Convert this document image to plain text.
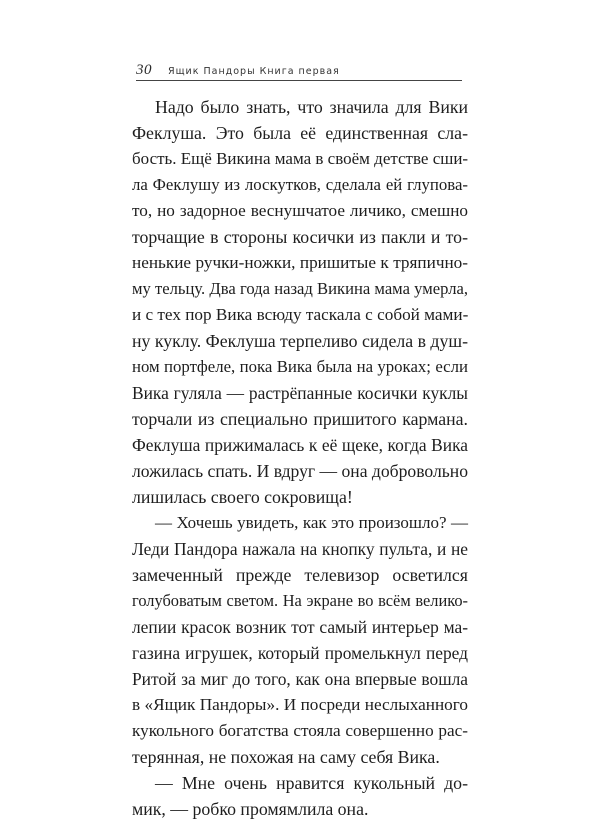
30 Ящик Пандоры Книга первая
Надо было знать, что значила для Вики
Феклуша. Это была её единственная сла-
бость. Ещё Викина мама в своём детстве сши-
ла Феклушу из лоскутков, сделала ей глупова-
то, но задорное веснушчатое личико, смешно
торчащие в стороны косички из пакли и то-
ненькие ручки-ножки, пришитые к тряпично-
му тельцу. Два года назад Викина мама умерла,
и с тех пор Вика всюду таскала с собой мами-
ну куклу. Феклуша терпеливо сидела в душ-
ном портфеле, пока Вика была на уроках; если
Вика гуляла — растрёпанные косички куклы
торчали из специально пришитого кармана.
Феклуша прижималась к её щеке, когда Вика
ложилась спать. И вдруг — она добровольно
лишилась своего сокровища!
— Хочешь увидеть, как это произошло? —
Леди Пандора нажала на кнопку пульта, и не
замеченный прежде телевизор осветился
голубоватым светом. На экране во всём велико-
лепии красок возник тот самый интерьер ма-
газина игрушек, который промелькнул перед
Ритой за миг до того, как она впервые вошла
в «Ящик Пандоры». И посреди неслыханного
кукольного богатства стояла совершенно рас-
терянная, не похожая на саму себя Вика.
— Мне очень нравится кукольный до-
мик, — робко промямлила она.
